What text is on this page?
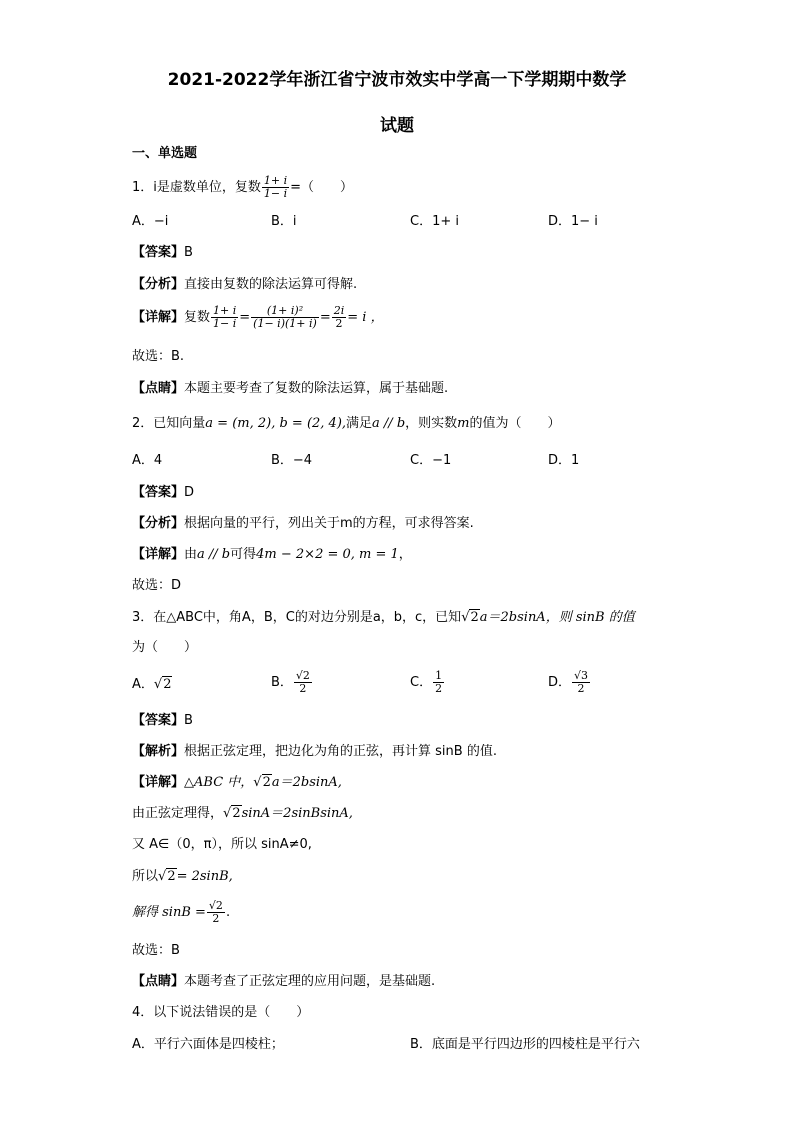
2021-2022学年浙江省宁波市效实中学高一下学期期中数学
试题
一、单选题
1．i是虚数单位，复数 $\frac{1+ i}{1- i}$ =（　　）
A．−i	B．i	C．1+ i	D．1− i
【答案】B
【分析】直接由复数的除法运算可得解.
【详解】复数 $\frac{1+ i}{1- i} = \frac{\text{(1+ i)²}}{(1- i)(1+ i)} = \frac{2i}{2} = i$ ，
故选：B.
【点睛】本题主要考查了复数的除法运算，属于基础题.
2．已知向量a = (m, 2), b = (2, 4),满足a // b，则实数m的值为（　　）
A．4	B．−4	C．−1	D．1
【答案】D
【分析】根据向量的平行，列出关于m的方程，可求得答案.
【详解】由a // b可得4m − 2×2 = 0, m = 1，
故选：D
3．在△ABC中，角A，B，C的对边分别是a，b，c，已知√2a＝2bsinA，则 sinB 的值
为（　　）
A．√2	B． $\frac{√2}{2}$	C． $\frac{1}{2}$	D． $\frac{√3}{2}$
【答案】B
【解析】根据正弦定理，把边化为角的正弦，再计算 sinB 的值.
【详解】△ABC 中，√2a＝2bsinA,
由正弦定理得，√2sinA＝2sinBsinA,
又 A∈（0，π），所以 sinA≠0,
所以√2= 2sinB,
解得 $\sin B = \frac{√2}{2}$ .
故选：B
【点睛】本题考查了正弦定理的应用问题，是基础题.
4．以下说法错误的是（　　）
A．平行六面体是四棱柱；	B．底面是平行四边形的四棱柱是平行六
